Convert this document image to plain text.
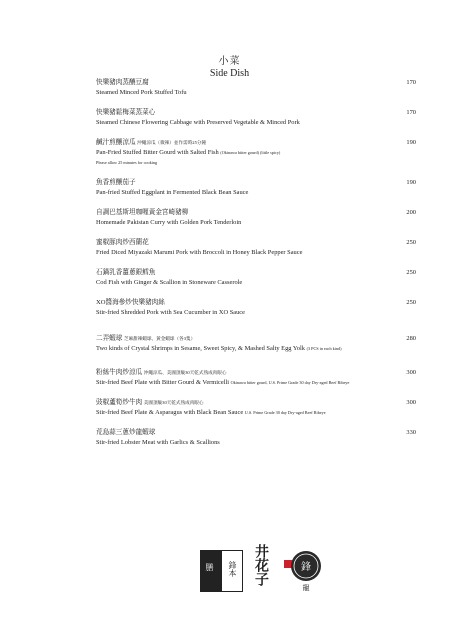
小菜
Side Dish
快樂豬肉蒸釀豆腐	170
Steamed Minced Pork Stuffed Tofu
快樂豬鬆梅菜蒸菜心	170
Steamed Chinese Flowering Cabbage with Preserved Vegetable & Minced Pork
鹹汁煎釀涼瓜 沖繩涼瓜（微辣）並作需時25分鐘	190
Pan-Fried Stuffed Bitter Gourd with Salted Fish (Okinawa bitter gourd) (little spicy)
Please allow 25 minutes for cooking
魚香煎釀茄子	190
Pan-fried Stuffed Eggplant in Fermented Black Bean Sauce
自調巴基斯坦咖喱黃金宮崎豬柳	200
Homemade Pakistan Curry with Golden Pork Tenderloin
蜜椒豚肉炒西蘭花	250
Fried Diced Miyazaki Marumi Pork with Broccoli in Honey Black Pepper Sauce
石鍋乳香薑蔥銀鱈魚	250
Cod Fish with Ginger & Scallion in Stoneware Casserole
XO醬海參炒快樂豬肉絲	250
Stir-fried Shredded Pork with Sea Cucumber in XO Sauce
二弄蝦球 芝麻甜辣蝦球、黃金蝦球（各3隻）	280
Two kinds of Crystal Shrimps in Sesame, Sweet Spicy, & Mashed Salty Egg Yolk (3 PCS in each kind)
粉絲牛肉炒涼瓜 沖繩涼瓜、美國頂級30天乾式熟成肉眼心	300
Stir-fried Beef Plate with Bitter Gourd & Vermicelli Okinawa bitter gourd, U.S. Prime Grade 30 day Dry-aged Beef Ribeye
豉椒蘆筍炒牛肉 美國頂級30天乾式熟成肉眼心	300
Stir-fried Beef Plate & Asparagus with Black Bean Sauce U.S. Prime Grade 30 day Dry-aged Beef Ribeye
荒島蒜三蔥炒龍蝦球	330
Stir-fried Lobster Meat with Garlics & Scallions
膳 鋒本 井花子	鋒
寵
